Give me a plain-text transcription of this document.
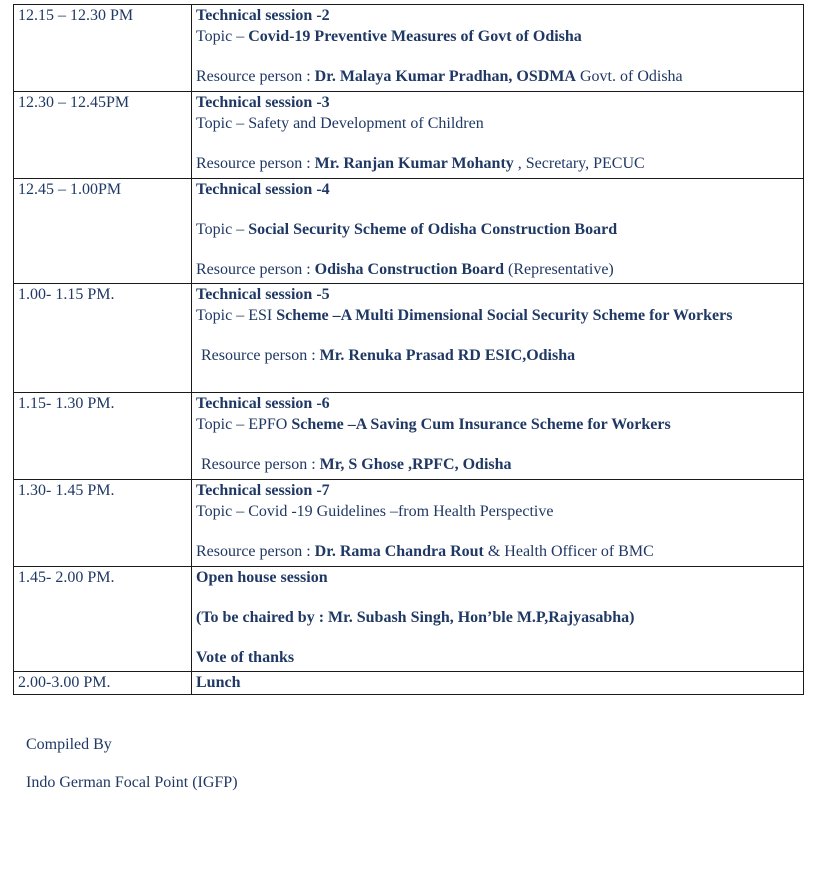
12.15 – 12.30 PM	Technical session -2
Topic – Covid-19 Preventive Measures of Govt of Odisha
Resource person : Dr. Malaya Kumar Pradhan, OSDMA Govt. of Odisha

12.30 – 12.45PM	Technical session -3
Topic – Safety and Development of Children
Resource person : Mr. Ranjan Kumar Mohanty , Secretary, PECUC

12.45 – 1.00PM	Technical session -4
Topic – Social Security Scheme of Odisha Construction Board
Resource person : Odisha Construction Board (Representative)

1.00- 1.15 PM.	Technical session -5
Topic – ESI Scheme –A Multi Dimensional Social Security Scheme for Workers
Resource person : Mr. Renuka Prasad RD ESIC,Odisha

1.15- 1.30 PM.	Technical session -6
Topic – EPFO Scheme –A Saving Cum Insurance Scheme for Workers
Resource person : Mr, S Ghose ,RPFC, Odisha

1.30- 1.45 PM.	Technical session -7
Topic – Covid -19 Guidelines –from Health Perspective
Resource person : Dr. Rama Chandra Rout & Health Officer of BMC

1.45- 2.00 PM.	Open house session
(To be chaired by : Mr. Subash Singh, Hon’ble M.P,Rajyasabha)
Vote of thanks

2.00-3.00 PM.	Lunch
Compiled By
Indo German Focal Point (IGFP)
